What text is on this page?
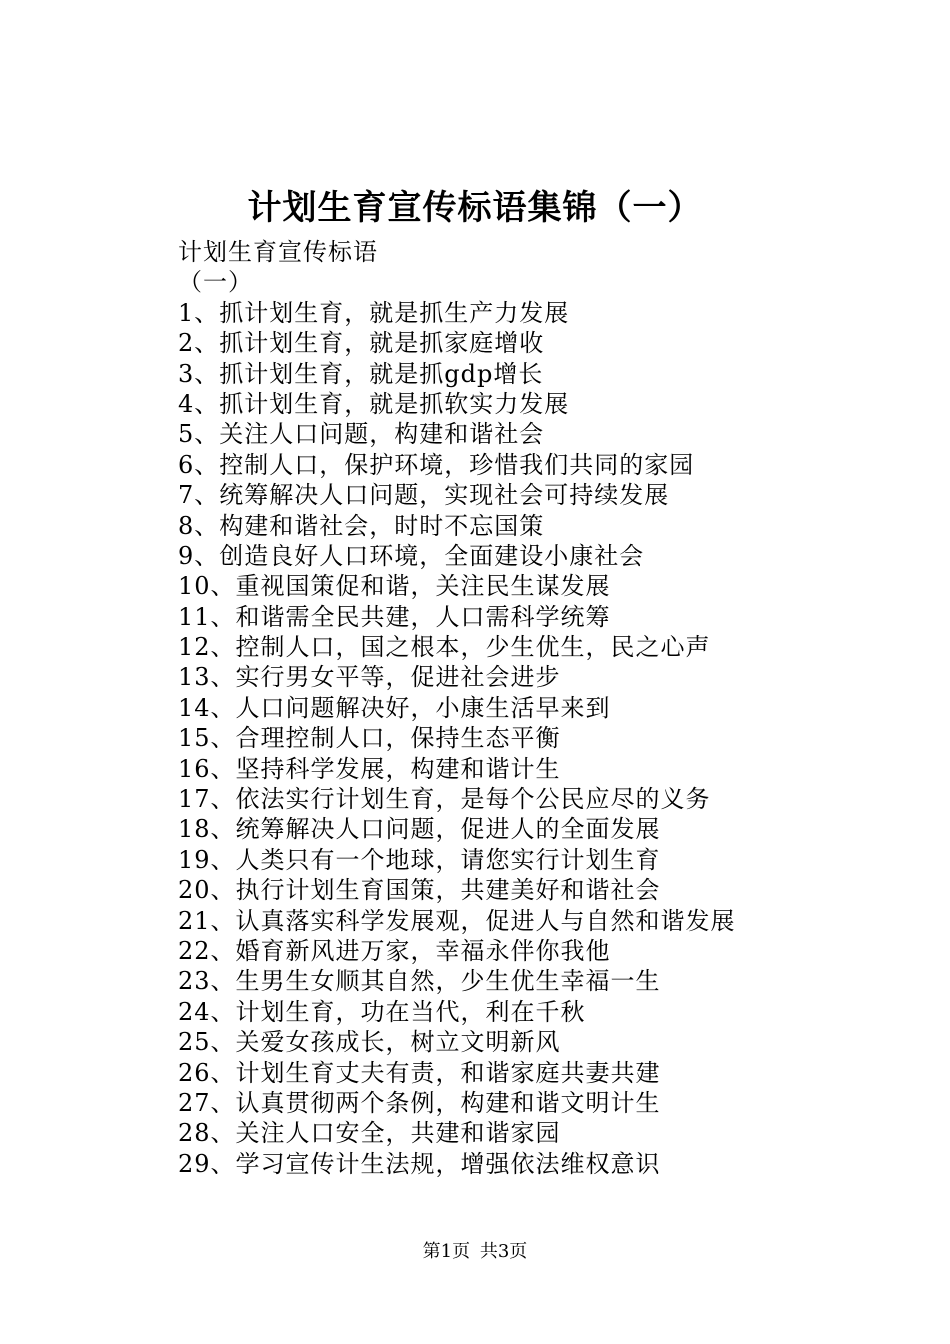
计划生育宣传标语集锦（一）
计划生育宣传标语
（一）
1、抓计划生育，就是抓生产力发展
2、抓计划生育，就是抓家庭增收
3、抓计划生育，就是抓gdp增长
4、抓计划生育，就是抓软实力发展
5、关注人口问题，构建和谐社会
6、控制人口，保护环境，珍惜我们共同的家园
7、统筹解决人口问题，实现社会可持续发展
8、构建和谐社会，时时不忘国策
9、创造良好人口环境，全面建设小康社会
10、重视国策促和谐，关注民生谋发展
11、和谐需全民共建，人口需科学统筹
12、控制人口，国之根本，少生优生，民之心声
13、实行男女平等，促进社会进步
14、人口问题解决好，小康生活早来到
15、合理控制人口，保持生态平衡
16、坚持科学发展，构建和谐计生
17、依法实行计划生育，是每个公民应尽的义务
18、统筹解决人口问题，促进人的全面发展
19、人类只有一个地球，请您实行计划生育
20、执行计划生育国策，共建美好和谐社会
21、认真落实科学发展观，促进人与自然和谐发展
22、婚育新风进万家，幸福永伴你我他
23、生男生女顺其自然，少生优生幸福一生
24、计划生育，功在当代，利在千秋
25、关爱女孩成长，树立文明新风
26、计划生育丈夫有责，和谐家庭共妻共建
27、认真贯彻两个条例，构建和谐文明计生
28、关注人口安全，共建和谐家园
29、学习宣传计生法规，增强依法维权意识
第1页 共3页
